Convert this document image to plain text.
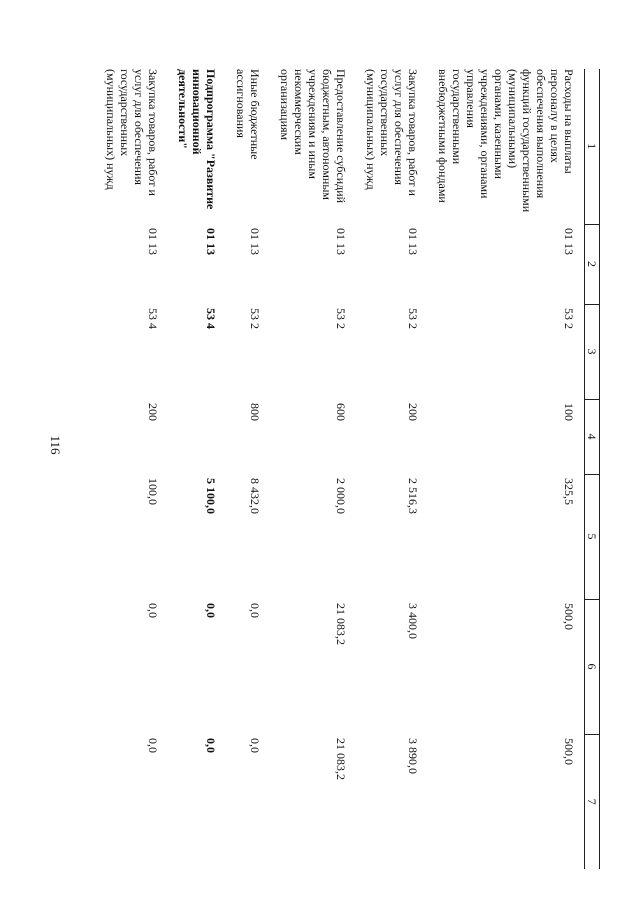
116
1	2	3	4	5	6	7
Расходы на выплаты персоналу в целях обеспечения выполнения функций государственными (муниципальными) органами, казенными учреждениями, органами управления государственными внебюджетными фондами	01 13	53 2	100	325,5	500,0	500,0
Закупка товаров, работ и услуг для обеспечения государственных (муниципальных) нужд	01 13	53 2	200	2 516,3	3 400,0	3 890,0
Предоставление субсидий бюджетным, автономным учреждениям и иным некоммерческим организациям	01 13	53 2	600	2 000,0	21 083,2	21 083,2
Иные бюджетные ассигнования	01 13	53 2	800	8 432,0	0,0	0,0
Подпрограмма "Развитие инновационной деятельности"	01 13	53 4		5 100,0	0,0	0,0
Закупка товаров, работ и услуг для обеспечения государственных (муниципальных) нужд	01 13	53 4	200	100,0	0,0	0,0
